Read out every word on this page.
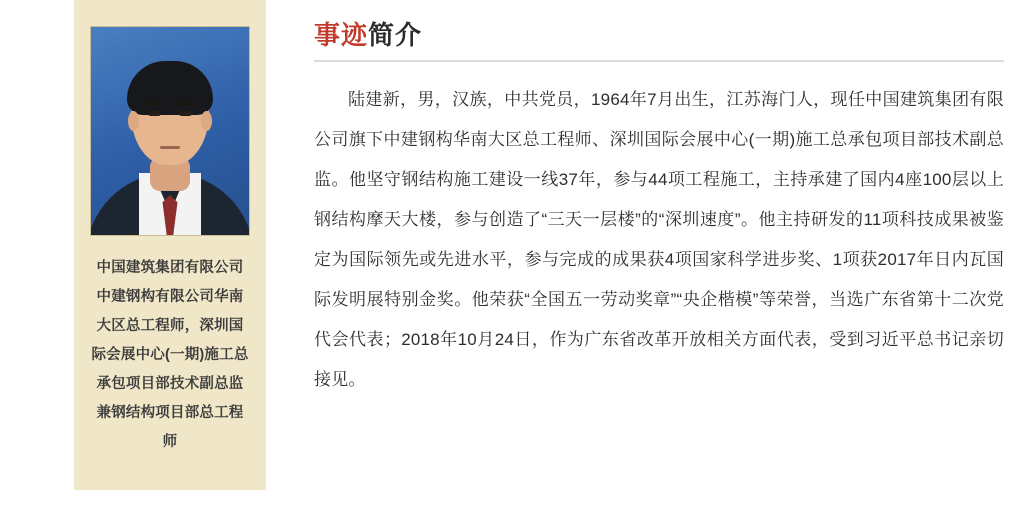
中国建筑集团有限公司中建钢构有限公司华南大区总工程师，深圳国际会展中心(一期)施工总承包项目部技术副总监兼钢结构项目部总工程师
事迹简介
陆建新，男，汉族，中共党员，1964年7月出生，江苏海门人，现任中国建筑集团有限公司旗下中建钢构华南大区总工程师、深圳国际会展中心(一期)施工总承包项目部技术副总监。他坚守钢结构施工建设一线37年，参与44项工程施工，主持承建了国内4座100层以上钢结构摩天大楼，参与创造了“三天一层楼”的“深圳速度”。他主持研发的11项科技成果被鉴定为国际领先或先进水平，参与完成的成果获4项国家科学进步奖、1项获2017年日内瓦国际发明展特别金奖。他荣获“全国五一劳动奖章”“央企楷模”等荣誉，当选广东省第十二次党代会代表；2018年10月24日，作为广东省改革开放相关方面代表，受到习近平总书记亲切接见。
